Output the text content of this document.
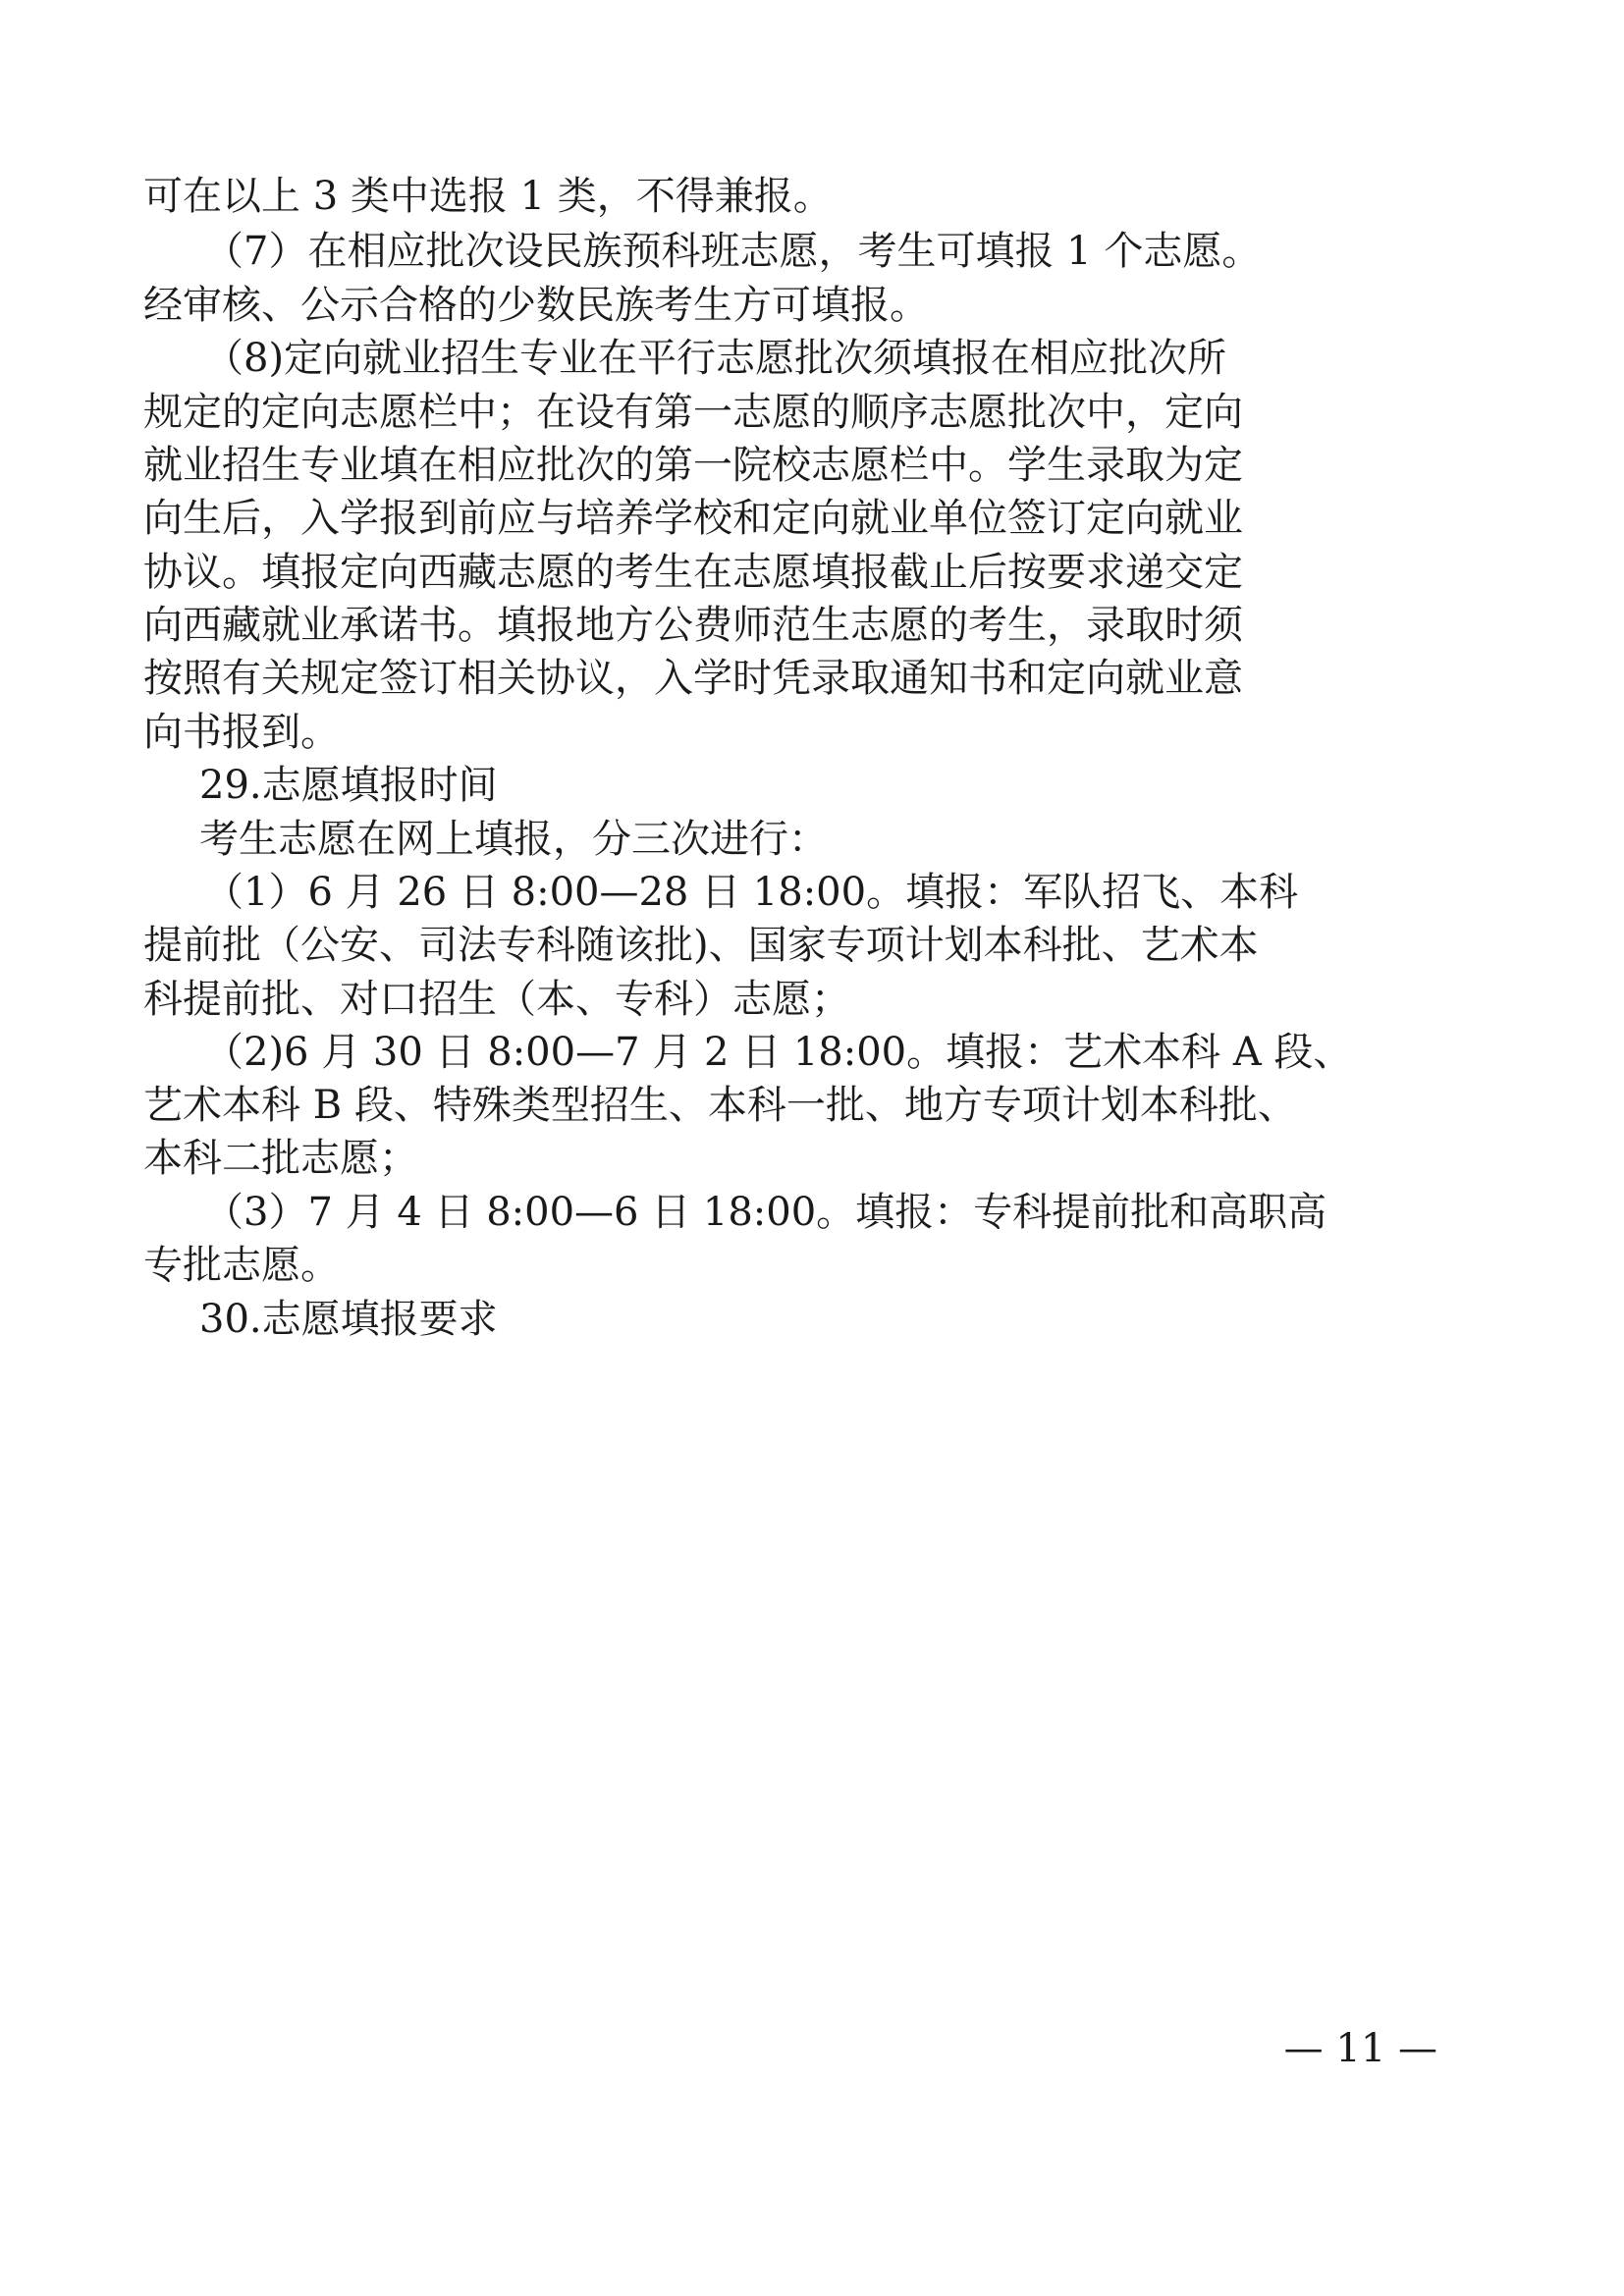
可在以上 3 类中选报 1 类，不得兼报。
（7）在相应批次设民族预科班志愿，考生可填报 1 个志愿。
经审核、公示合格的少数民族考生方可填报。
（8)定向就业招生专业在平行志愿批次须填报在相应批次所
规定的定向志愿栏中；在设有第一志愿的顺序志愿批次中，定向
就业招生专业填在相应批次的第一院校志愿栏中。学生录取为定
向生后，入学报到前应与培养学校和定向就业单位签订定向就业
协议。填报定向西藏志愿的考生在志愿填报截止后按要求递交定
向西藏就业承诺书。填报地方公费师范生志愿的考生，录取时须
按照有关规定签订相关协议，入学时凭录取通知书和定向就业意
向书报到。
29.志愿填报时间
考生志愿在网上填报，分三次进行：
（1）6 月 26 日 8:00—28 日 18:00。填报：军队招飞、本科
提前批（公安、司法专科随该批)、国家专项计划本科批、艺术本
科提前批、对口招生（本、专科）志愿；
（2)6 月 30 日 8:00—7 月 2 日 18:00。填报：艺术本科 A 段、
艺术本科 B 段、特殊类型招生、本科一批、地方专项计划本科批、
本科二批志愿；
（3）7 月 4 日 8:00—6 日 18:00。填报：专科提前批和高职高
专批志愿。
30.志愿填报要求
— 11 —
